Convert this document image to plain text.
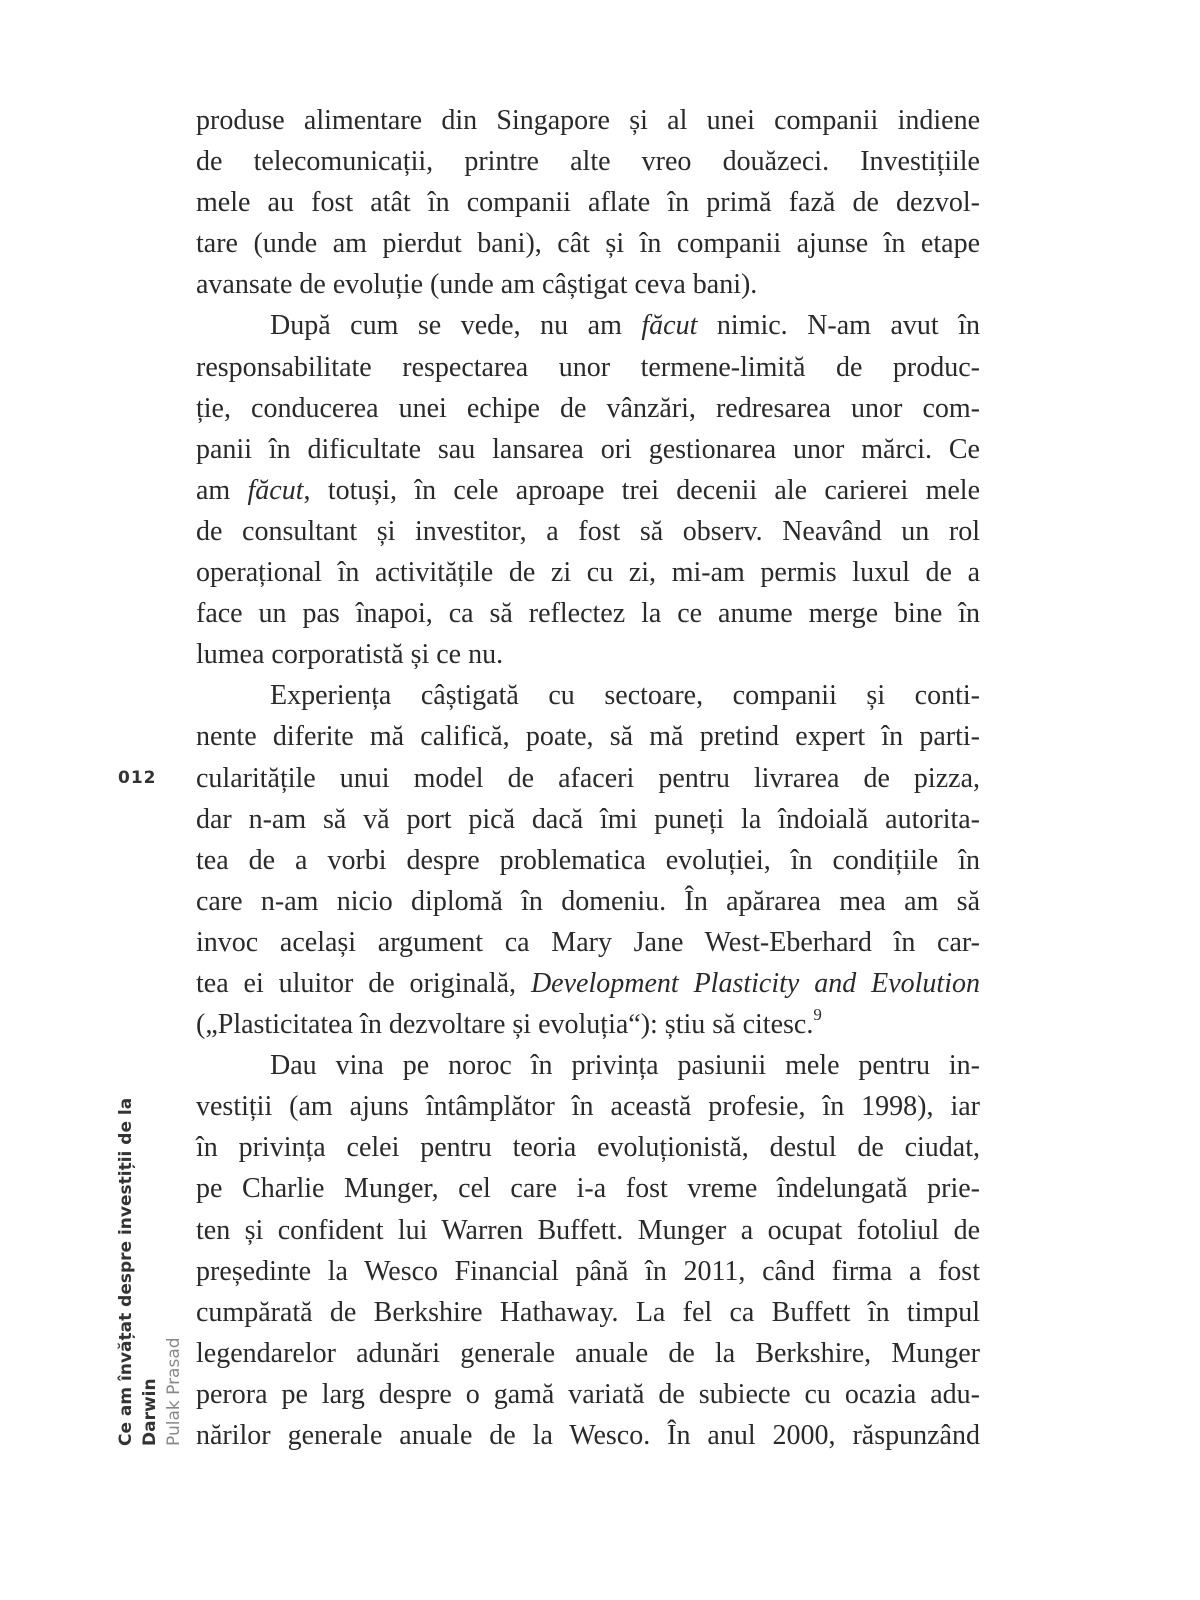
012
Ce am învățat despre investiții de la Darwin Pulak Prasad
produse alimentare din Singapore și al unei companii indiene
de telecomunicații, printre alte vreo douăzeci. Investițiile
mele au fost atât în companii aflate în primă fază de dezvol-
tare (unde am pierdut bani), cât și în companii ajunse în etape
avansate de evoluție (unde am câștigat ceva bani).
După cum se vede, nu am făcut nimic. N-am avut în
responsabilitate respectarea unor termene-limită de produc-
ție, conducerea unei echipe de vânzări, redresarea unor com-
panii în dificultate sau lansarea ori gestionarea unor mărci. Ce
am făcut, totuși, în cele aproape trei decenii ale carierei mele
de consultant și investitor, a fost să observ. Neavând un rol
operațional în activitățile de zi cu zi, mi-am permis luxul de a
face un pas înapoi, ca să reflectez la ce anume merge bine în
lumea corporatistă și ce nu.
Experiența câștigată cu sectoare, companii și conti-
nente diferite mă califică, poate, să mă pretind expert în parti-
cularitățile unui model de afaceri pentru livrarea de pizza,
dar n-am să vă port pică dacă îmi puneți la îndoială autorita-
tea de a vorbi despre problematica evoluției, în condițiile în
care n-am nicio diplomă în domeniu. În apărarea mea am să
invoc același argument ca Mary Jane West-Eberhard în car-
tea ei uluitor de originală, Development Plasticity and Evolution
(„Plasticitatea în dezvoltare și evoluția“): știu să citesc.$^9$
Dau vina pe noroc în privința pasiunii mele pentru in-
vestiții (am ajuns întâmplător în această profesie, în 1998), iar
în privința celei pentru teoria evoluționistă, destul de ciudat,
pe Charlie Munger, cel care i-a fost vreme îndelungată prie-
ten și confident lui Warren Buffett. Munger a ocupat fotoliul de
președinte la Wesco Financial până în 2011, când firma a fost
cumpărată de Berkshire Hathaway. La fel ca Buffett în timpul
legendarelor adunări generale anuale de la Berkshire, Munger
perora pe larg despre o gamă variată de subiecte cu ocazia adu-
nărilor generale anuale de la Wesco. În anul 2000, răspunzând
